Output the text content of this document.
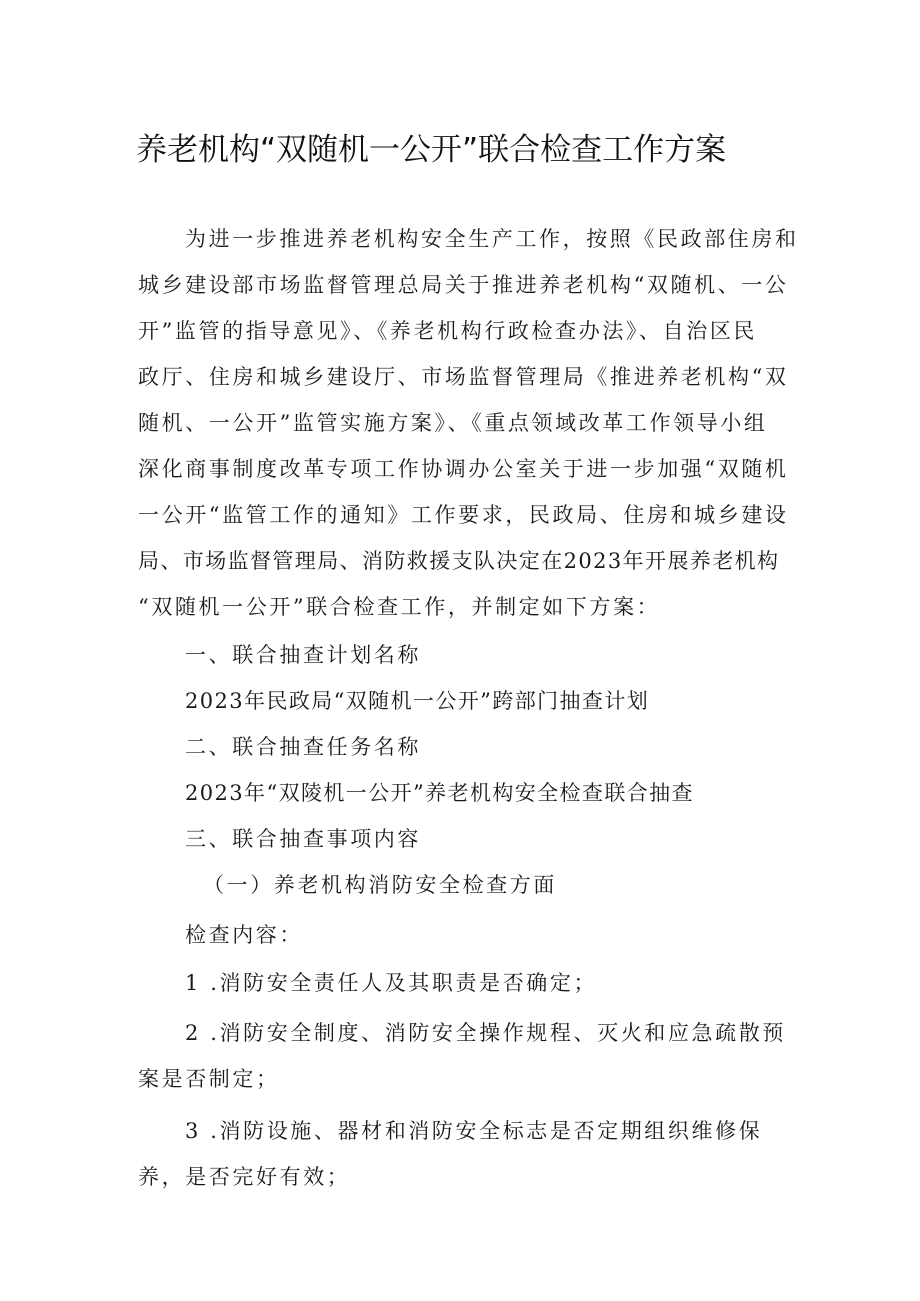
养老机构“双随机一公开”联合检查工作方案
为进一步推进养老机构安全生产工作，按照《民政部住房和
城乡建设部市场监督管理总局关于推进养老机构“双随机、一公
开”监管的指导意见》、《养老机构行政检查办法》、自治区民
政厅、住房和城乡建设厅、市场监督管理局《推进养老机构“双
随机、一公开”监管实施方案》、《重点领域改革工作领导小组
深化商事制度改革专项工作协调办公室关于进一步加强“双随机
一公开“监管工作的通知》工作要求，民政局、住房和城乡建设
局、市场监督管理局、消防救援支队决定在2023年开展养老机构
“双随机一公开”联合检查工作，并制定如下方案：
一、联合抽查计划名称
2023年民政局“双随机一公开”跨部门抽查计划
二、联合抽查任务名称
2023年“双陵机一公开”养老机构安全检查联合抽查
三、联合抽查事项内容
（一）养老机构消防安全检查方面
检查内容：
1 .消防安全责任人及其职责是否确定；
2 .消防安全制度、消防安全操作规程、灭火和应急疏散预
案是否制定；
3 .消防设施、器材和消防安全标志是否定期组织维修保
养，是否完好有效；
